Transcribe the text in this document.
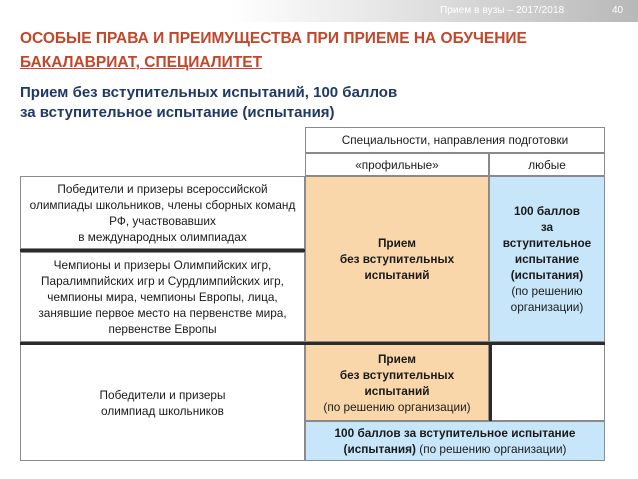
Прием в вузы – 2017/2018	40
ОСОБЫЕ ПРАВА И ПРЕИМУЩЕСТВА ПРИ ПРИЕМЕ НА ОБУЧЕНИЕ
БАКАЛАВРИАТ, СПЕЦИАЛИТЕТ
Прием без вступительных испытаний, 100 баллов
за вступительное испытание (испытания)
Специальности, направления подготовки
«профильные»	любые
Победители и призеры всероссийской олимпиады школьников, члены сборных команд РФ, участвовавших
в международных олимпиадах
Чемпионы и призеры Олимпийских игр, Паралимпийских игр и Сурдлимпийских игр, чемпионы мира, чемпионы Европы, лица, занявшие первое место на первенстве мира, первенстве Европы
Победители и призеры
олимпиад школьников
Прием
без вступительных
испытаний
100 баллов
за
вступительное
испытание
(испытания)
(по решению
организации)
Прием
без вступительных
испытаний
(по решению организации)
100 баллов за вступительное испытание
(испытания) (по решению организации)
